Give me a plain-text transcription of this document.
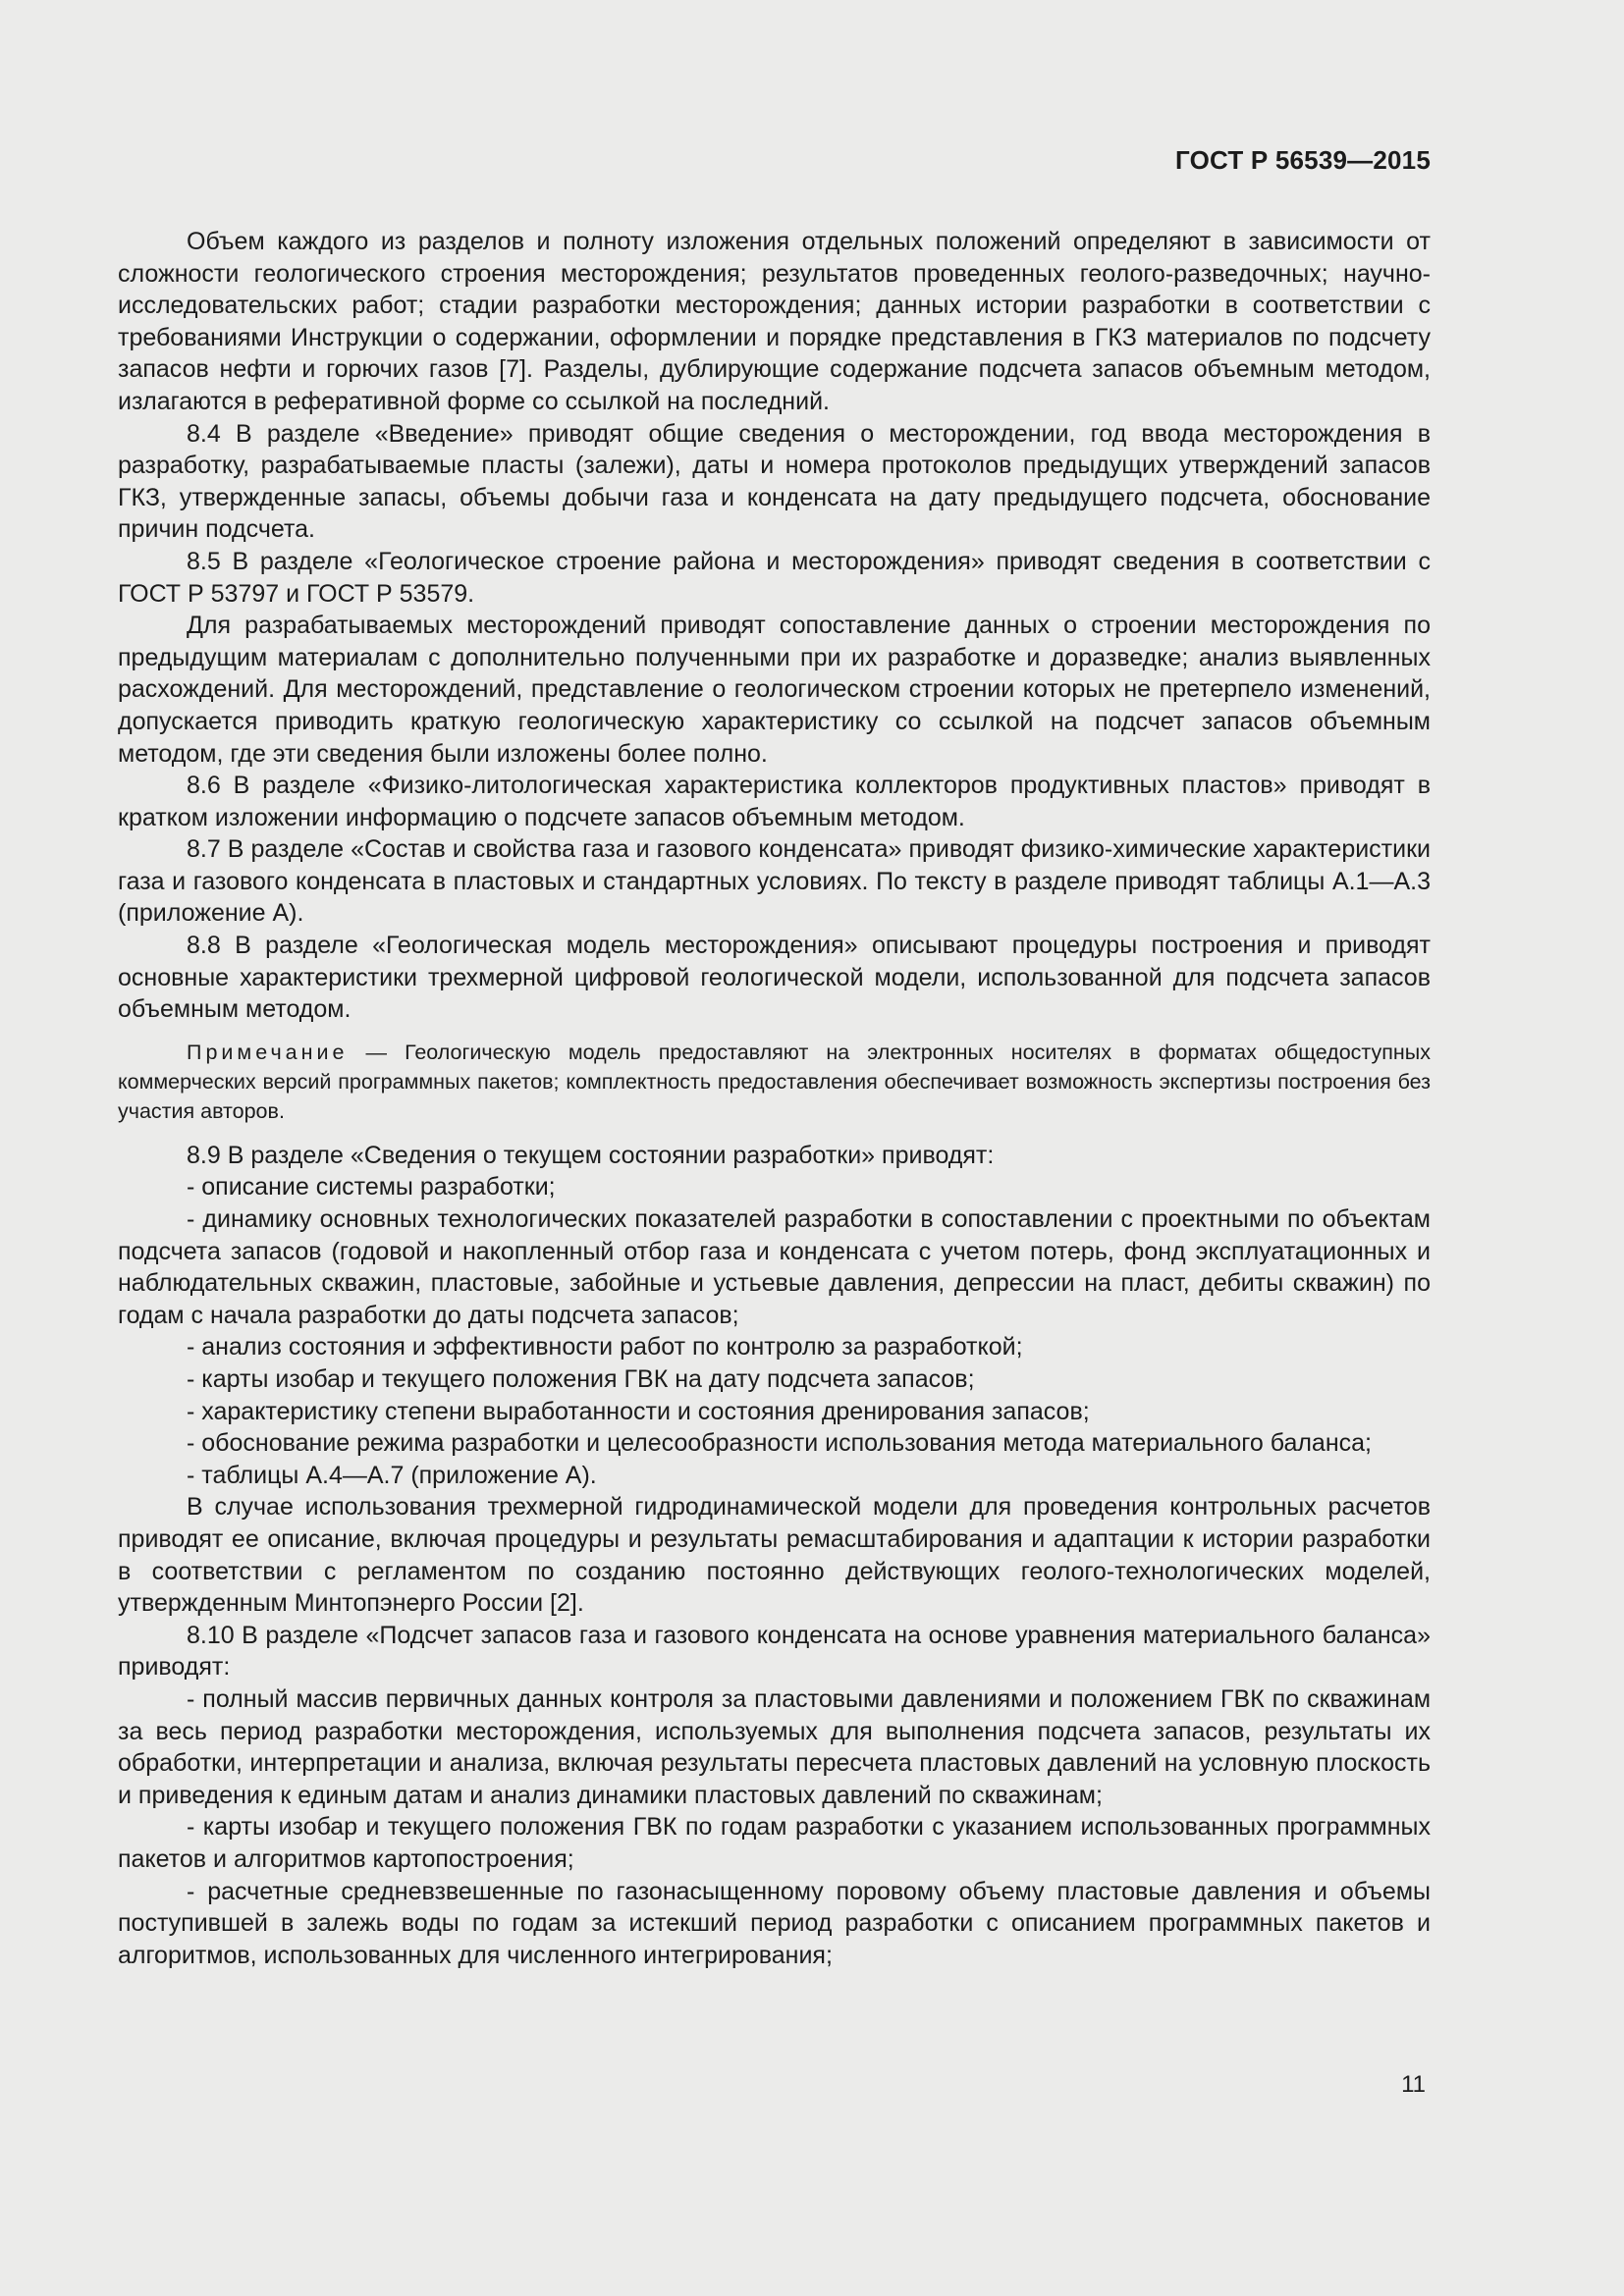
ГОСТ Р 56539—2015

Объем каждого из разделов и полноту изложения отдельных положений определяют в зависимости от сложности геологического строения месторождения; результатов проведенных геолого-разведочных; научно-исследовательских работ; стадии разработки месторождения; данных истории разработки в соответствии с требованиями Инструкции о содержании, оформлении и порядке представления в ГКЗ материалов по подсчету запасов нефти и горючих газов [7]. Разделы, дублирующие содержание подсчета запасов объемным методом, излагаются в реферативной форме со ссылкой на последний.

8.4 В разделе «Введение» приводят общие сведения о месторождении, год ввода месторождения в разработку, разрабатываемые пласты (залежи), даты и номера протоколов предыдущих утверждений запасов ГКЗ, утвержденные запасы, объемы добычи газа и конденсата на дату предыдущего подсчета, обоснование причин подсчета.

8.5 В разделе «Геологическое строение района и месторождения» приводят сведения в соответствии с ГОСТ Р 53797 и ГОСТ Р 53579.

Для разрабатываемых месторождений приводят сопоставление данных о строении месторождения по предыдущим материалам с дополнительно полученными при их разработке и доразведке; анализ выявленных расхождений. Для месторождений, представление о геологическом строении которых не претерпело изменений, допускается приводить краткую геологическую характеристику со ссылкой на подсчет запасов объемным методом, где эти сведения были изложены более полно.

8.6 В разделе «Физико-литологическая характеристика коллекторов продуктивных пластов» приводят в кратком изложении информацию о подсчете запасов объемным методом.

8.7 В разделе «Состав и свойства газа и газового конденсата» приводят физико-химические характеристики газа и газового конденсата в пластовых и стандартных условиях. По тексту в разделе приводят таблицы А.1—А.3 (приложение А).

8.8 В разделе «Геологическая модель месторождения» описывают процедуры построения и приводят основные характеристики трехмерной цифровой геологической модели, использованной для подсчета запасов объемным методом.

Примечание — Геологическую модель предоставляют на электронных носителях в форматах общедоступных коммерческих версий программных пакетов; комплектность предоставления обеспечивает возможность экспертизы построения без участия авторов.

8.9 В разделе «Сведения о текущем состоянии разработки» приводят:

- описание системы разработки;

- динамику основных технологических показателей разработки в сопоставлении с проектными по объектам подсчета запасов (годовой и накопленный отбор газа и конденсата с учетом потерь, фонд эксплуатационных и наблюдательных скважин, пластовые, забойные и устьевые давления, депрессии на пласт, дебиты скважин) по годам с начала разработки до даты подсчета запасов;

- анализ состояния и эффективности работ по контролю за разработкой;

- карты изобар и текущего положения ГВК на дату подсчета запасов;

- характеристику степени выработанности и состояния дренирования запасов;

- обоснование режима разработки и целесообразности использования метода материального баланса;

- таблицы А.4—А.7 (приложение А).

В случае использования трехмерной гидродинамической модели для проведения контрольных расчетов приводят ее описание, включая процедуры и результаты ремасштабирования и адаптации к истории разработки в соответствии с регламентом по созданию постоянно действующих геолого-технологических моделей, утвержденным Минтопэнерго России [2].

8.10 В разделе «Подсчет запасов газа и газового конденсата на основе уравнения материального баланса» приводят:

- полный массив первичных данных контроля за пластовыми давлениями и положением ГВК по скважинам за весь период разработки месторождения, используемых для выполнения подсчета запасов, результаты их обработки, интерпретации и анализа, включая результаты пересчета пластовых давлений на условную плоскость и приведения к единым датам и анализ динамики пластовых давлений по скважинам;

- карты изобар и текущего положения ГВК по годам разработки с указанием использованных программных пакетов и алгоритмов картопостроения;

- расчетные средневзвешенные по газонасыщенному поровому объему пластовые давления и объемы поступившей в залежь воды по годам за истекший период разработки с описанием программных пакетов и алгоритмов, использованных для численного интегрирования;

11
